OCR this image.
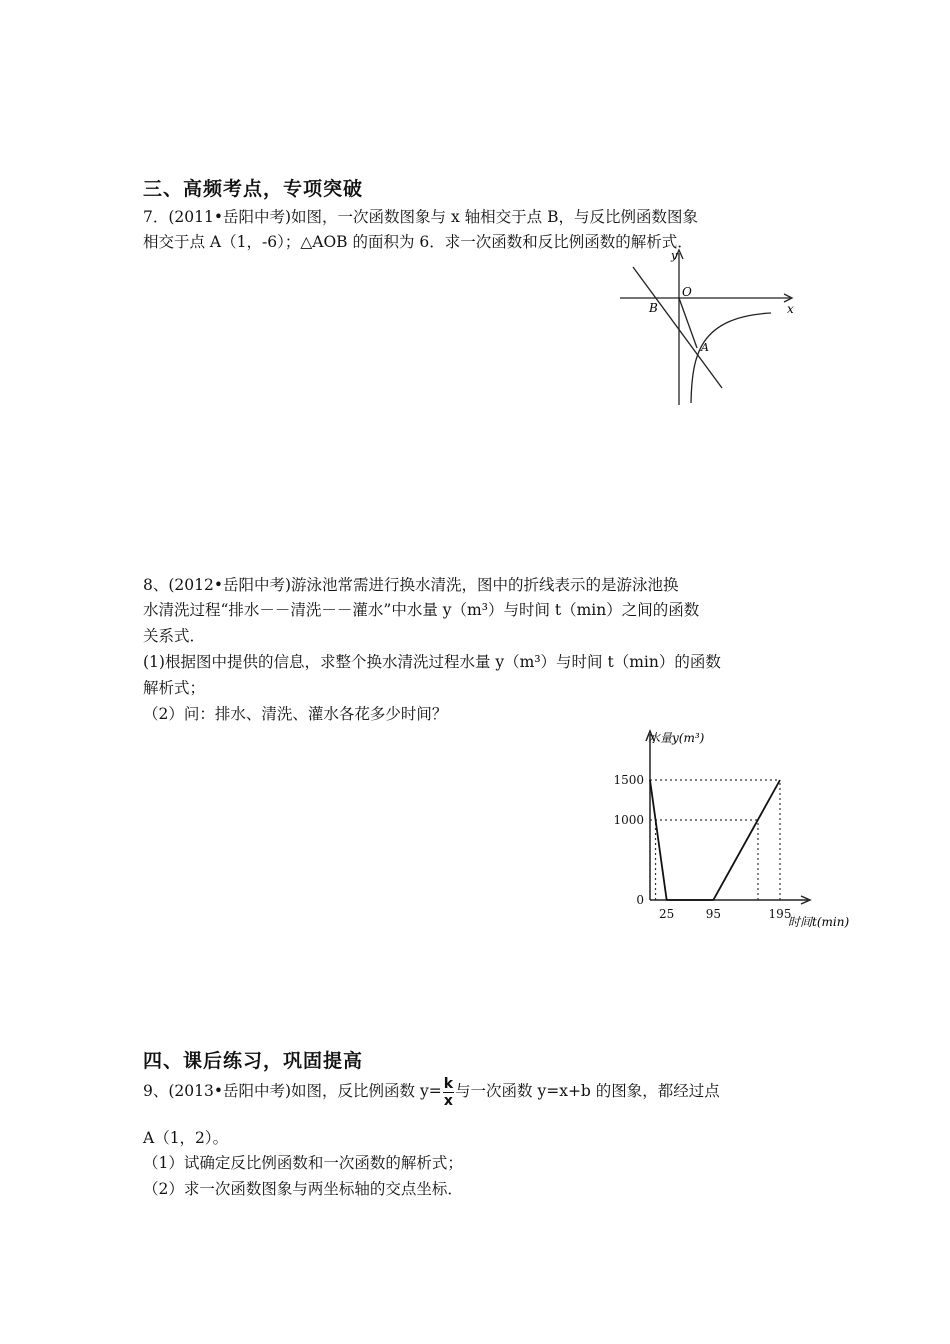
三、高频考点，专项突破
7．(2011•岳阳中考)如图，一次函数图象与 x 轴相交于点 B，与反比例函数图象
相交于点 A（1，-6）；△AOB 的面积为 6．求一次函数和反比例函数的解析式．
y
O
B	x
A
8、(2012•岳阳中考)游泳池常需进行换水清洗，图中的折线表示的是游泳池换
水清洗过程“排水－－清洗－－灌水”中水量 y（m³）与时间 t（min）之间的函数
关系式．
(1)根据图中提供的信息，求整个换水清洗过程水量 y（m³）与时间 t（min）的函数
解析式；
（2）问：排水、清洗、灌水各花多少时间？
0
1000
1500
25	95	195
水量y(m³)
时间t(min)
四、课后练习，巩固提高
9、(2013•岳阳中考)如图，反比例函数 $y= \frac{k}{x}$ 与一次函数 y=x+b 的图象，都经过点
A（1，2）。
（1）试确定反比例函数和一次函数的解析式；
（2）求一次函数图象与两坐标轴的交点坐标．
